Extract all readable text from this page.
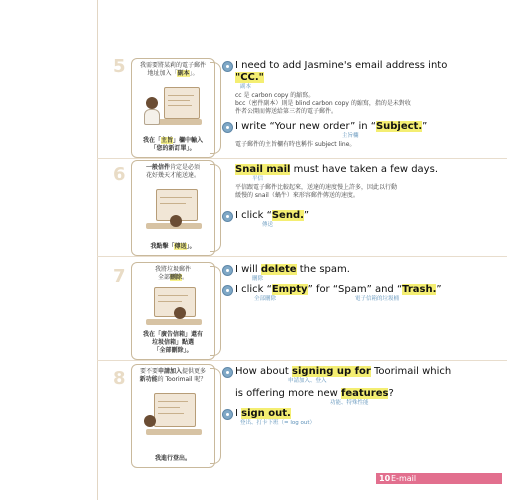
5	我需要將某莉的電子郵件
地址加入「副本」。
我在「主旨」欄中輸入
「您的新訂單」。
I need to add Jasmine's email address into
"CC."
副本
cc 是 carbon copy 的縮寫。
bcc（密件副本）則是 blind carbon copy 的縮寫，指的是未對收
件者公開而傳送給第三者的電子郵件。
I write “Your new order” in “Subject.”
主旨欄
電子郵件的主旨欄有時也稱作 subject line。
6	一般信件肯定是必須
花好幾天才能送達。
我點擊「傳送」。
Snail mail must have taken a few days.
平信
平信跟電子郵件比較起來，送達的速度慢上許多，因此以行動
緩慢的 snail（蝸牛）來形容郵件傳送的速度。
I click “Send.”
傳送
7	我將垃圾郵件
全部刪除。
我在「廣告信箱」還有
垃圾信箱」點選
「全部刪除」。
I will delete the spam.
刪除
I click “Empty” for “Spam” and “Trash.”
全部刪除	電子信箱的垃圾桶
8	要不要申請加入提供更多
新功能的 Toorimail 呢？
我進行登出。
How about signing up for Toorimail which
申請加入、登入
is offering more new features?
功能、特殊性能
I sign out.
登出、打卡下班（= log out）
10 E-mail
